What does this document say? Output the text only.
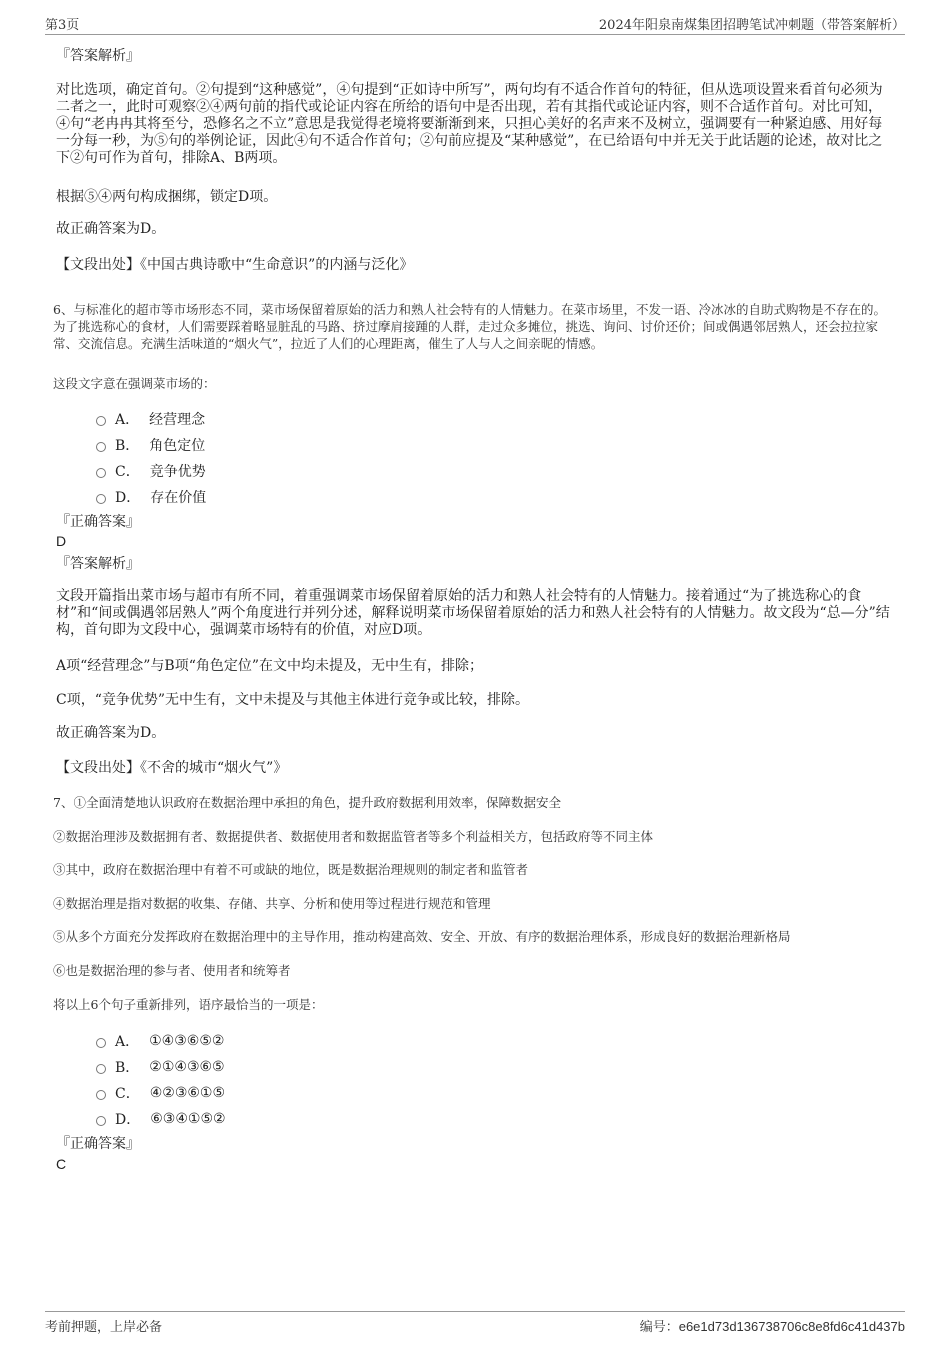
第3页	2024年阳泉南煤集团招聘笔试冲刺题（带答案解析）

『答案解析』

对比选项，确定首句。②句提到“这种感觉”，④句提到“正如诗中所写”，两句均有不适合作首句的特征，但从选项设置来看首句必须为二者之一，此时可观察②④两句前的指代或论证内容在所给的语句中是否出现，若有其指代或论证内容，则不合适作首句。对比可知，④句“老冉冉其将至兮，恐修名之不立”意思是我觉得老境将要渐渐到来，只担心美好的名声来不及树立，强调要有一种紧迫感、用好每一分每一秒，为⑤句的举例论证，因此④句不适合作首句；②句前应提及“某种感觉”，在已给语句中并无关于此话题的论述，故对比之下②句可作为首句，排除A、B两项。

根据⑤④两句构成捆绑，锁定D项。

故正确答案为D。

【文段出处】《中国古典诗歌中“生命意识”的内涵与泛化》

6、与标准化的超市等市场形态不同，菜市场保留着原始的活力和熟人社会特有的人情魅力。在菜市场里，不发一语、冷冰冰的自助式购物是不存在的。为了挑选称心的食材，人们需要踩着略显脏乱的马路、挤过摩肩接踵的人群，走过众多摊位，挑选、询问、讨价还价；间或偶遇邻居熟人，还会拉拉家常、交流信息。充满生活味道的“烟火气”，拉近了人们的心理距离，催生了人与人之间亲昵的情感。

这段文字意在强调菜市场的：

A． 经营理念
B． 角色定位
C． 竞争优势
D． 存在价值

『正确答案』

D

『答案解析』

文段开篇指出菜市场与超市有所不同，着重强调菜市场保留着原始的活力和熟人社会特有的人情魅力。接着通过“为了挑选称心的食材”和“间或偶遇邻居熟人”两个角度进行并列分述，解释说明菜市场保留着原始的活力和熟人社会特有的人情魅力。故文段为“总—分”结构，首句即为文段中心，强调菜市场特有的价值，对应D项。

A项“经营理念”与B项“角色定位”在文中均未提及，无中生有，排除；

C项，“竞争优势”无中生有，文中未提及与其他主体进行竞争或比较，排除。

故正确答案为D。

【文段出处】《不舍的城市“烟火气”》

7、①全面清楚地认识政府在数据治理中承担的角色，提升政府数据利用效率，保障数据安全

②数据治理涉及数据拥有者、数据提供者、数据使用者和数据监管者等多个利益相关方，包括政府等不同主体

③其中，政府在数据治理中有着不可或缺的地位，既是数据治理规则的制定者和监管者

④数据治理是指对数据的收集、存储、共享、分析和使用等过程进行规范和管理

⑤从多个方面充分发挥政府在数据治理中的主导作用，推动构建高效、安全、开放、有序的数据治理体系，形成良好的数据治理新格局

⑥也是数据治理的参与者、使用者和统筹者

将以上6个句子重新排列，语序最恰当的一项是：

A． ①④③⑥⑤②
B． ②①④③⑥⑤
C． ④②③⑥①⑤
D． ⑥③④①⑤②

『正确答案』

C

考前押题，上岸必备	编号：e6e1d73d136738706c8e8fd6c41d437b
